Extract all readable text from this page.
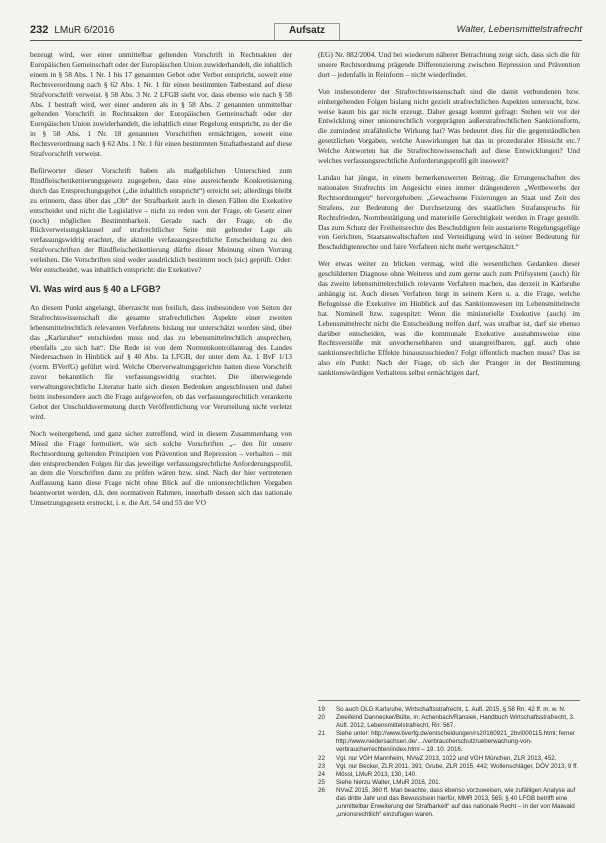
232 LMuR 6/2016	Aufsatz	Walter, Lebensmittelstrafrecht

bezeugt wird, wer einer unmittelbar geltenden Vorschrift in Rechtsakten der Europäischen Gemeinschaft oder der Europäischen Union zuwiderhandelt, die inhaltlich einem in § 58 Abs. 1 Nr. 1 bis 17 genannten Gebot oder Verbot entspricht, soweit eine Rechtsverordnung nach § 62 Abs. 1 Nr. 1 für einen bestimmten Tatbestand auf diese Strafvorschrift verweist. § 58 Abs. 3 Nr. 2 LFGB sieht vor, dass ebenso wie nach § 58 Abs. 1 bestraft wird, wer einer anderen als in § 58 Abs. 2 genannten unmittelbar geltenden Vorschrift in Rechtsakten der Europäischen Gemeinschaft oder der Europäischen Union zuwiderhandelt, die inhaltlich einer Regelung entspricht, zu der die in § 58 Abs. 1 Nr. 18 genannten Vorschriften ermächtigen, soweit eine Rechtsverordnung nach § 62 Abs. 1 Nr. 1 für einen bestimmten Straftatbestand auf diese Strafvorschrift verweist.

Befürworter dieser Vorschrift haben als maßgeblichen Unterschied zum Rindfleischetikettierungsgesetz zugegeben, dass eine ausreichende Konkretisierung durch das Entsprechungsgebot („die inhaltlich entspricht“) erreicht sei; allerdings bleibt zu erinnern, dass über das „Ob“ der Strafbarkeit auch in diesen Fällen die Exekutive entscheidet und nicht die Legislative – nicht zu reden von der Frage, ob Gesetz einer (noch) möglichen Bestimmbarkeit. Gerade nach der Frage, ob die Rückverweisungsklausel auf strafrechtlicher Seite mit geltender Lage als verfassungswidrig erachtet, die aktuelle verfassungsrechtliche Entscheidung zu den Strafvorschriften der Rindfleischetikettierung dürfte dieser Meinung einen Vorrang verleihen. Die Vorschriften sind weder ausdrücklich bestimmt noch (sic) geprüft. Oder: Wer entscheidet, was inhaltlich entspricht: die Exekutive?

VI. Was wird aus § 40 a LFGB?

An diesem Punkt angelangt, überrascht nun freilich, dass insbesondere von Seiten der Strafrechtswissenschaft die gesamte strafrechtlichen Aspekte einer zweiten lebensmittelrechtlich relevanten Verfahrens bislang nur unterschätzt worden sind, über das „Karlsruher“ entschieden muss und das zu lebensmittelrechtlich ansprechen, ebenfalls „zu sich hat“. Die Rede ist von dem Normenkontrollantrag des Landes Niedersachsen in Hinblick auf § 40 Abs. 1a LFGB, der unter dem Az. 1 BvF 1/13 (vorm. BVerfG) geführt wird. Welche Oberverwaltungsgerichte hatten diese Vorschrift zuvor bekanntlich für verfassungswidrig erachtet. Die überwiegende verwaltungsrechtliche Literatur hatte sich diesen Bedenken angeschlossen und dabei beim insbesondere auch die Frage aufgeworfen, ob das verfassungsrechtlich verankerte Gebot der Unschuldsvermutung durch Veröffentlichung vor Verurteilung nicht verletzt wird.

Noch weitergehend, und ganz sicher zutreffend, wird in diesem Zusammenhang von Mössl die Frage formuliert, wie sich solche Vorschriften „– den für unsere Rechtsordnung geltenden Prinzipien von Prävention und Repression – verhalten – mit den entsprechenden Folgen für das jeweilige verfassungsrechtliche Anforderungsprofil, an dem die Vorschriften dann zu prüfen wären bzw. sind. Nach der hier vertretenen Auffassung kann diese Frage nicht ohne Blick auf die unionsrechtlichen Vorgaben beantwortet werden, d.h. den normativen Rahmen, innerhalb dessen sich das nationale Umsetzungsgesetz erstreckt, i. e. die Art. 54 und 55 der VO

(EG) Nr. 882/2004. Und bei wiederum näherer Betrachtung zeigt sich, dass sich die für unsere Rechtsordnung prägende Differenzierung zwischen Repression und Prävention dort – jedenfalls in Reinform – nicht wiederfindet.

Von insbesonderer der Strafrechtswissenschaft sind die damit verbundenen bzw. einhergehenden Folgen bislang nicht gezielt strafrechtlichen Aspekten untersucht, bzw. weise kaum bis gar nicht erzeugt. Daher gesagt kommt gefragt: Stehen wir vor der Entwicklung einer unionsrechtlich vorgeprägten außerstrafrechtlichen Sanktionsform, die zumindest strafähnliche Wirkung hat? Was bedeutet dies für die gegenständlichen gesetzlichen Vorgaben, welche Auswirkungen hat das in prozeduraler Hinsicht etc.? Welche Antworten hat die Strafrechtswissenschaft auf diese Entwicklungen? Und welches verfassungsrechtliche Anforderungsprofil gilt insoweit?

Landau hat jüngst, in einem bemerkenswerten Beitrag, die Errungenschaften des nationalen Strafrechts im Angesicht eines immer drängenderen „Wettbewerbs der Rechtsordnungen“ hervorgehoben: „Gewachsene Fixierungen an Staat und Zeit des Strafens, zur Bedeutung der Durchsetzung des staatlichen Strafanspruchs für Rechtsfrieden, Normbestätigung und materielle Gerechtigkeit werden in Frage gestellt. Das zum Schutz der Freiheitsrechte des Beschuldigten fein austarierte Regelungsgefüge von Gerichten, Staatsanwaltschaften und Verteidigung wird in seiner Bedeutung für Beschuldigtenrechte und faire Verfahren nicht mehr wertgeschätzt.“

Wer etwas weiter zu blicken vermag, wird die wesentlichen Gedanken dieser geschilderten Diagnose ohne Weiteres und zum gerne auch zum Prüfsystem (auch) für das zweite lebensmittelrechtlich relevante Verfahren machen, das derzeit in Karlsruhe anhängig ist. Auch dieses Verfahren birgt in seinem Kern u. a. die Frage, welche Befugnisse die Exekutive im Hinblick auf das Sanktionswesen im Lebensmittelrecht hat. Nominell bzw. zugespitzt: Wenn die ministerielle Exekutive (auch) im Lebensmittelrecht nicht die Entscheidung treffen darf, was strafbar ist, darf sie ebenso darüber entscheiden, was die kommunale Exekutive ausnahmsweise eine Rechtsverstöße mit unvorhersehbaren und unangreifbaren, ggf. auch ohne sanktionsrechtliche Effekte hinauszuschieden? Folgt öffentlich machen muss? Das ist also ein Punkt: Nach der Frage, ob sich der Pranger in der Bestimmung sanktionswürdigen Verhaltens selbst ermächtigen darf,

19	So auch OLG Karlsruhe, Wirtschaftsstrafrecht, 1. Aufl. 2015, § 58 Rn. 42 ff. m. w. N.
20	Zweifelnd Dannecker/Bülte, in: Achenbach/Ransiek, Handbuch Wirtschaftsstrafrecht, 3. Aufl. 2012, Lebensmittelstrafrecht, Rn. 567.
21	Siehe unter: http://www.bverfg.de/entscheidungen/rs20160921_2bvl000115.html; ferner http://www.niedersachsen.de/…/verbraucherschutz/ueberwachung-von-verbraucherrechten/index.html – 19. 10. 2016.
22	Vgl. nur VGH Mannheim, NVwZ 2013, 1022 und VGH München, ZLR 2013, 452.
23	Vgl. nur Becker, ZLR 2011, 391; Grube, ZLR 2015, 442; Wollenschläger, DÖV 2013, 9 ff.
24	Mössl, LMuR 2013, 130, 140.
25	Siehe hierzu Walter, LMuR 2016, 201.
26	NVwZ 2015, 360 ff. Man beachte, dass ebenso vorzuweisen, wie zufälligen Analyse auf das dritte Jahr und das Bewusstsein hierfür, MMR 2013, 565; § 40 LFGB betrifft eine „unmittelbar Erweiterung der Strafbarkeit“ auf das nationale Recht – in der von Maiwald „unionsrechtlich“ einzufügen waren.
